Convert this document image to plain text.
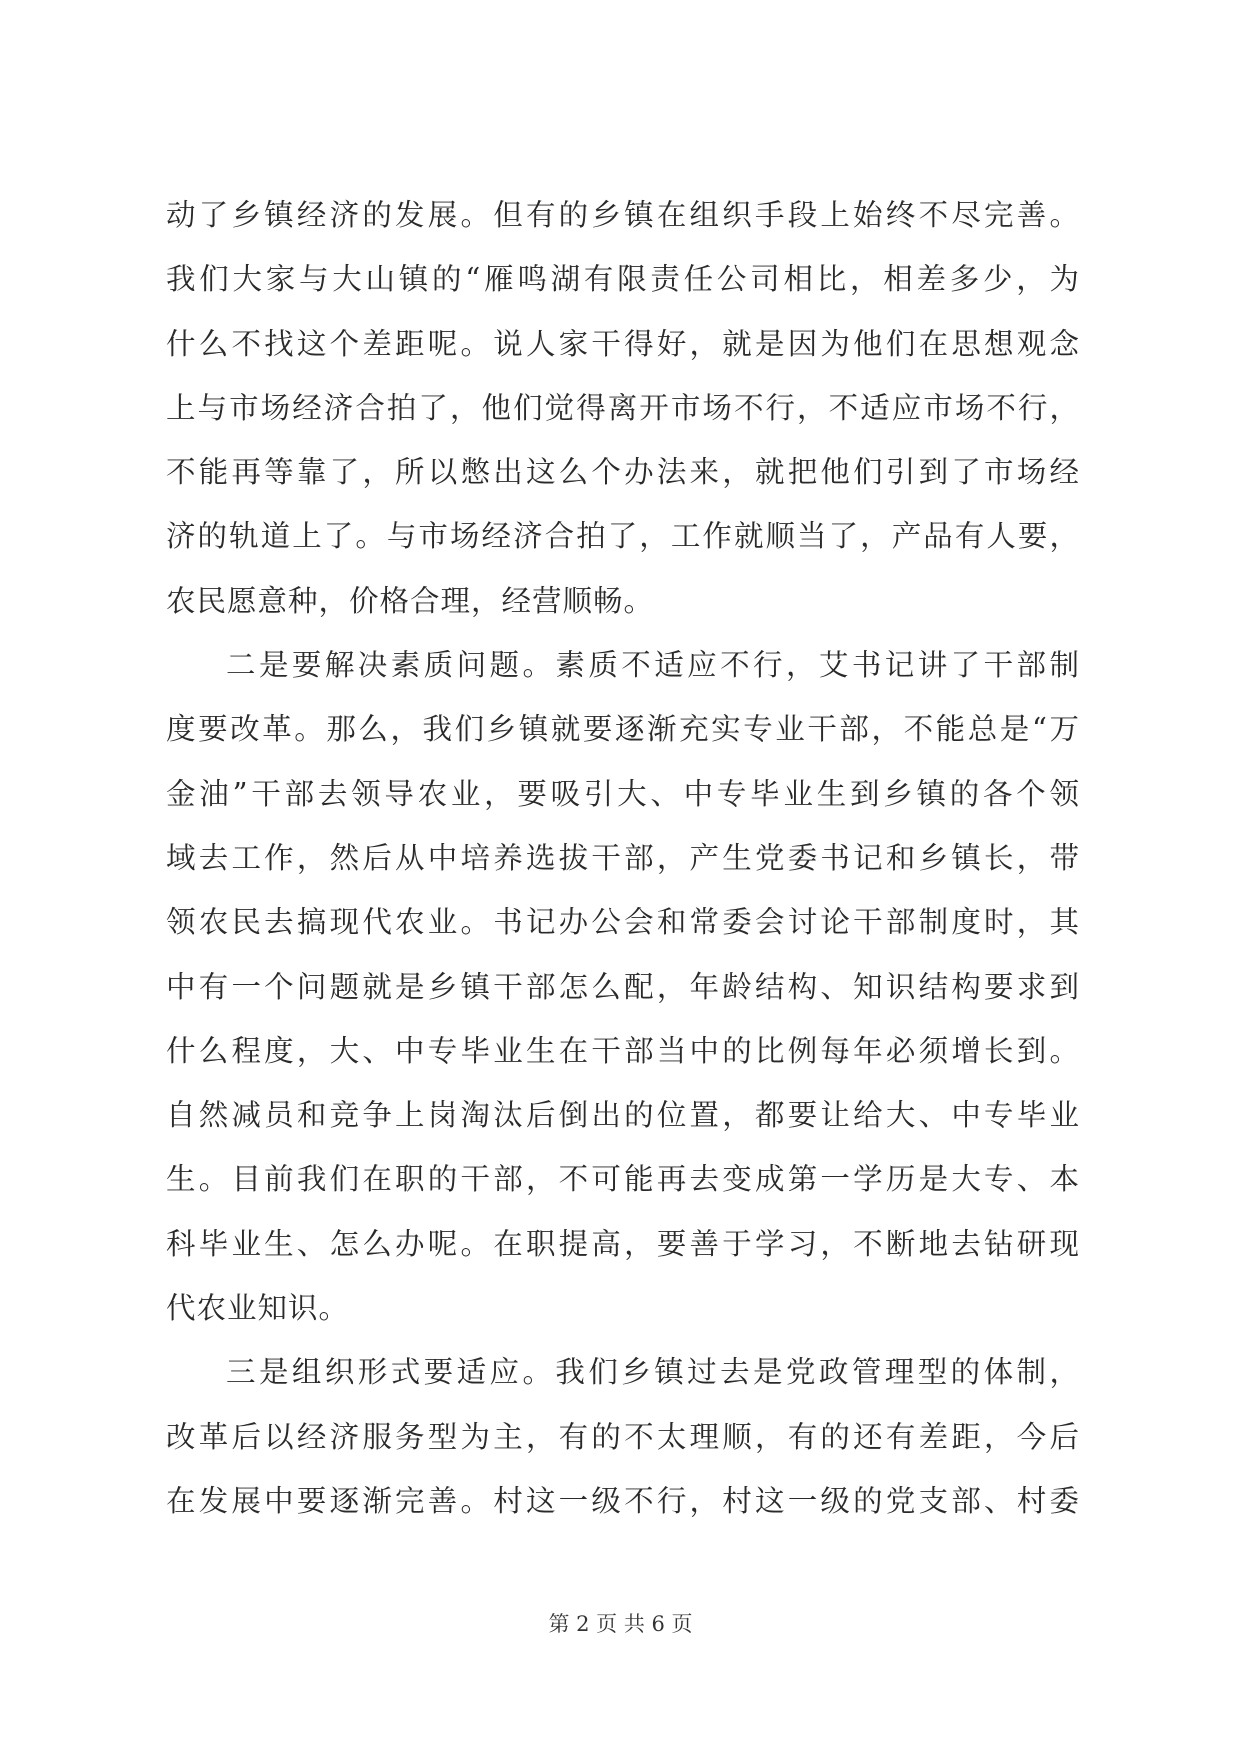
动了乡镇经济的发展。但有的乡镇在组织手段上始终不尽完善。
我们大家与大山镇的“雁鸣湖有限责任公司相比，相差多少，为
什么不找这个差距呢。说人家干得好，就是因为他们在思想观念
上与市场经济合拍了，他们觉得离开市场不行，不适应市场不行，
不能再等靠了，所以憋出这么个办法来，就把他们引到了市场经
济的轨道上了。与市场经济合拍了，工作就顺当了，产品有人要，
农民愿意种，价格合理，经营顺畅。
二是要解决素质问题。素质不适应不行，艾书记讲了干部制
度要改革。那么，我们乡镇就要逐渐充实专业干部，不能总是“万
金油”干部去领导农业，要吸引大、中专毕业生到乡镇的各个领
域去工作，然后从中培养选拔干部，产生党委书记和乡镇长，带
领农民去搞现代农业。书记办公会和常委会讨论干部制度时，其
中有一个问题就是乡镇干部怎么配，年龄结构、知识结构要求到
什么程度，大、中专毕业生在干部当中的比例每年必须增长到。
自然减员和竞争上岗淘汰后倒出的位置，都要让给大、中专毕业
生。目前我们在职的干部，不可能再去变成第一学历是大专、本
科毕业生、怎么办呢。在职提高，要善于学习，不断地去钻研现
代农业知识。
三是组织形式要适应。我们乡镇过去是党政管理型的体制，
改革后以经济服务型为主，有的不太理顺，有的还有差距，今后
在发展中要逐渐完善。村这一级不行，村这一级的党支部、村委
第 2 页 共 6 页
